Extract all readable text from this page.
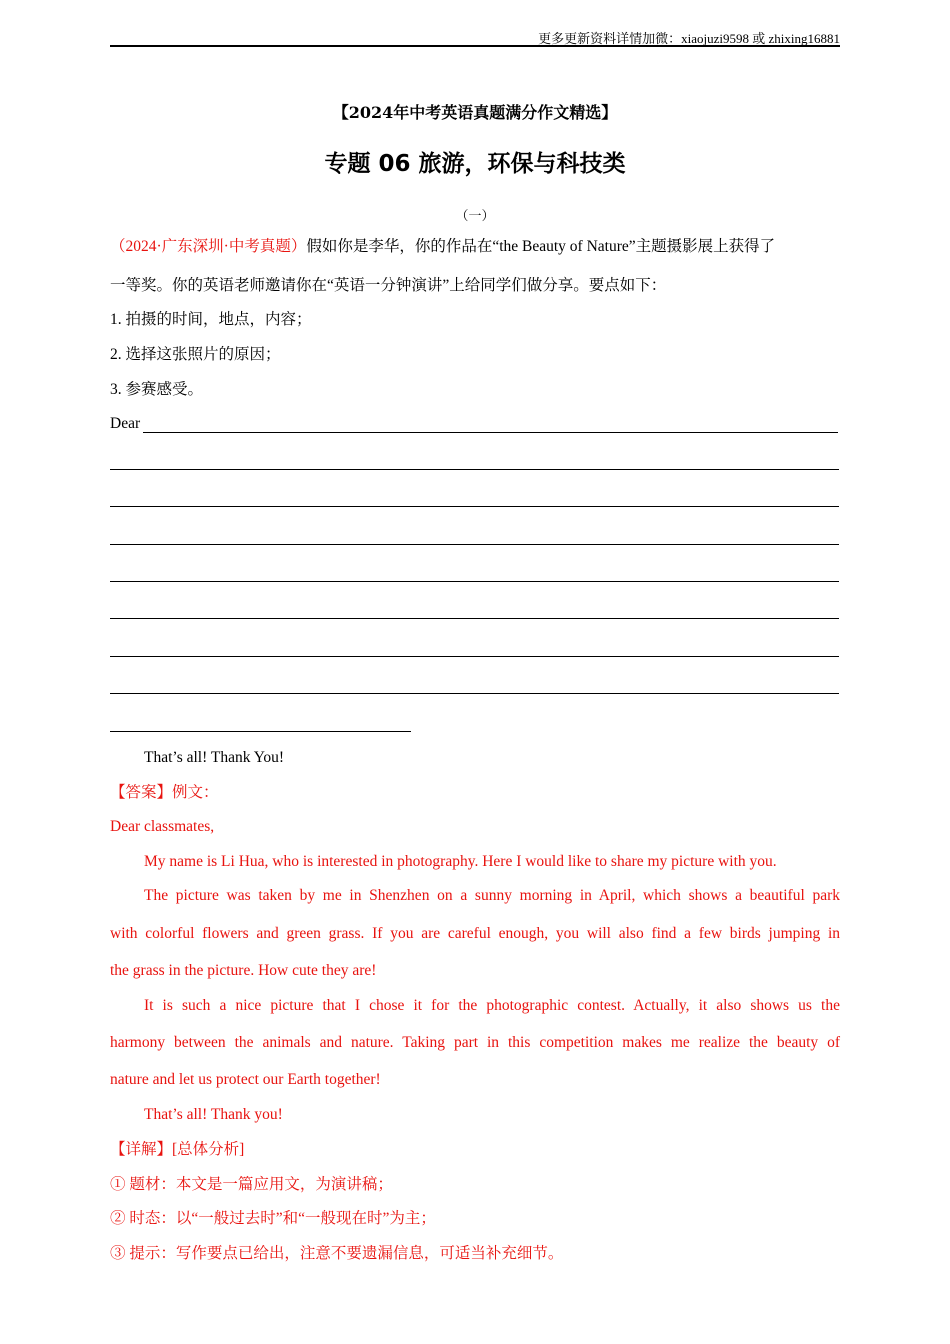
更多更新资料详情加微：xiaojuzi9598 或 zhixing16881
【2024年中考英语真题满分作文精选】
专题 06 旅游，环保与科技类
（一）
（2024·广东深圳·中考真题）假如你是李华，你的作品在“the Beauty of Nature”主题摄影展上获得了
一等奖。你的英语老师邀请你在“英语一分钟演讲”上给同学们做分享。要点如下：
1. 拍摄的时间，地点，内容；
2. 选择这张照片的原因；
3. 参赛感受。
Dear
That’s all! Thank You!
【答案】例文：
Dear classmates,
My name is Li Hua, who is interested in photography. Here I would like to share my picture with you.
The picture was taken by me in Shenzhen on a sunny morning in April, which shows a beautiful park
with colorful flowers and green grass. If you are careful enough, you will also find a few birds jumping in
the grass in the picture. How cute they are!
It is such a nice picture that I chose it for the photographic contest. Actually, it also shows us the
harmony between the animals and nature. Taking part in this competition makes me realize the beauty of
nature and let us protect our Earth together!
That’s all! Thank you!
【详解】[总体分析]
① 题材：本文是一篇应用文，为演讲稿；
② 时态：以“一般过去时”和“一般现在时”为主；
③ 提示：写作要点已给出，注意不要遗漏信息，可适当补充细节。
